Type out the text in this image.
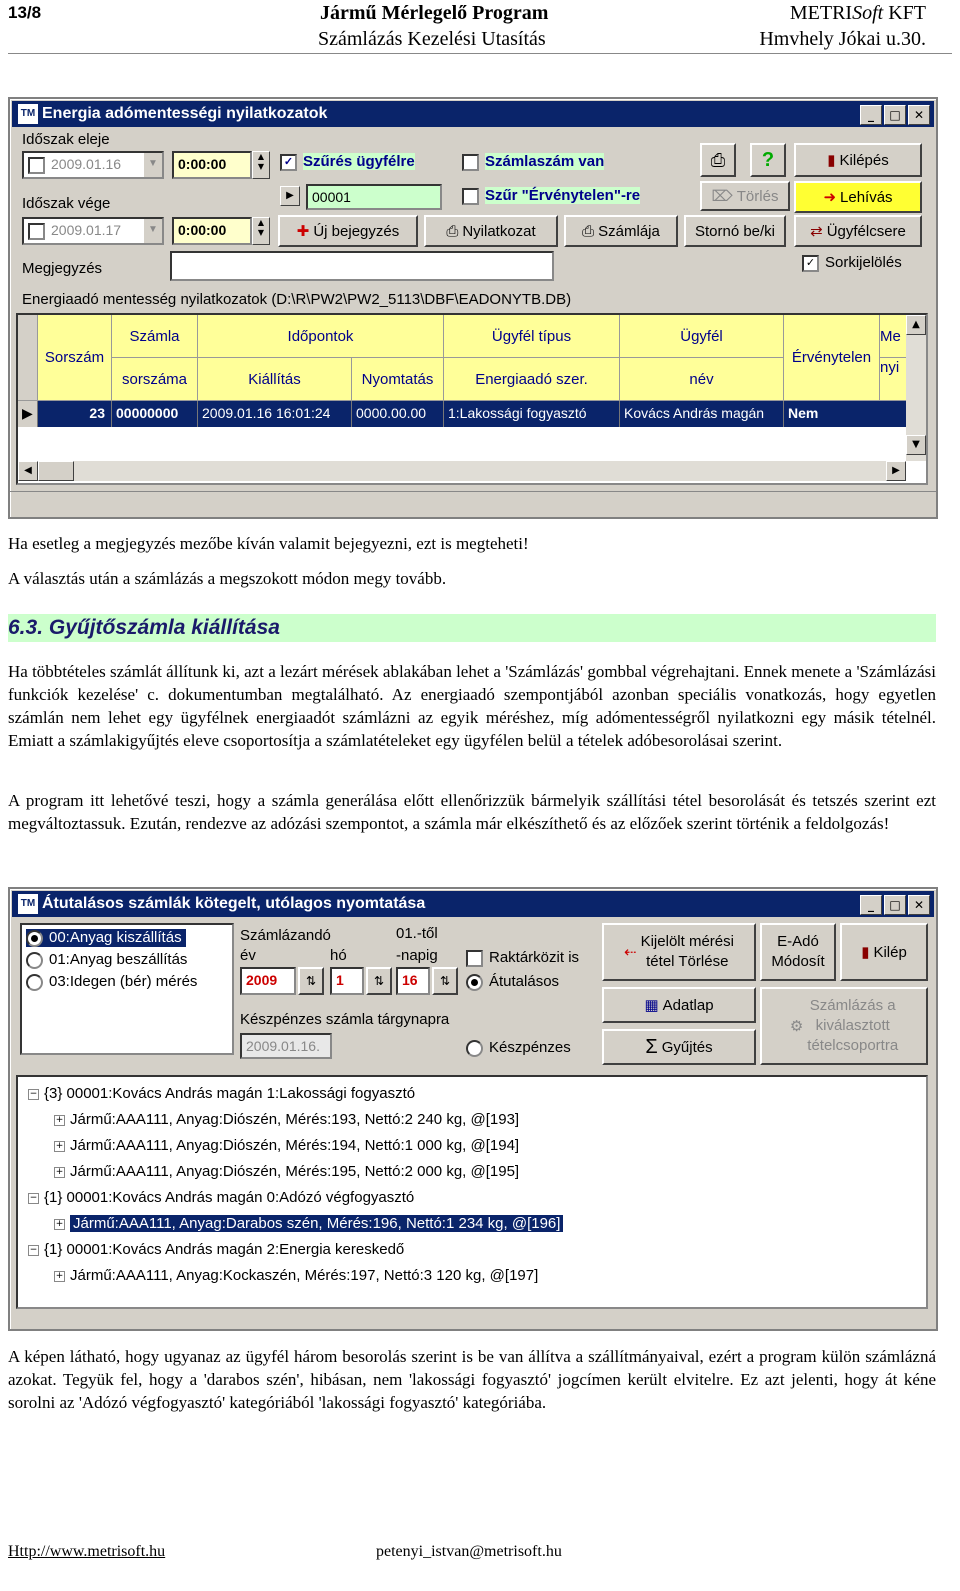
13/8	Jármű Mérlegelő Program
Számlázás Kezelési Utasítás
METRISoft KFT
Hmvhely Jókai u.30.
TM Energia adómentességi nyilatkozatok	_	□	✕
Időszak eleje
2009.01.16	▼	0:00:00	▲
▼	✓ Szűrés ügyfélre	Számlaszám van
Időszak vége	▶	00001	Szűr "Érvénytelen"-re
2009.01.17	▼	0:00:00	▲
▼	✚ Új bejegyzés	⎙ Nyilatkozat	⎙ Számlája	Stornó be/ki
⎙	?
⌦ Törlés
▮ Kilépés
➜ Lehívás
⇄ Ügyfélcsere
✓ Sorkijelölés
Megjegyzés
Energiaadó mentesség nyilatkozatok (D:\R\PW2\PW2_5113\DBF\EADONYTB.DB)
Sorszám
Számla
sorszáma
Időpontok
Kiállítás	Nyomtatás
Ügyfél típus
Energiaadó szer.
Ügyfél
név
Érvénytelen
Me
nyi
▶	23 00000000	2009.01.16 16:01:24	0000.00.00	1:Lakossági fogyasztó	Kovács András magán	Nem
▲
▼
◀	▶
Ha esetleg a megjegyzés mezőbe kíván valamit bejegyezni, ezt is megteheti!
A választás után a számlázás a megszokott módon megy tovább.
6.3. Gyűjtőszámla kiállítása
Ha többtételes számlát állítunk ki, azt a lezárt mérések ablakában lehet a 'Számlázás' gombbal végrehajtani. Ennek menete a 'Számlázási funkciók kezelése' c. dokumentumban megtalálható. Az energiaadó szempontjából azonban speciális vonatkozás, hogy egyetlen számlán nem lehet egy ügyfélnek energiaadót számlázni az egyik méréshez, míg adómentességről nyilatkozni egy másik tételnél. Emiatt a számlakigyűjtés eleve csoportosítja a számlatételeket egy ügyfélen belül a tételek adóbesorolásai szerint.
A program itt lehetővé teszi, hogy a számla generálása előtt ellenőrizzük bármelyik szállítási tétel besorolását és tetszés szerint ezt megváltoztassuk. Ezután, rendezve az adózási szempontot, a számla már elkészíthető és az előzőek szerint történik a feldolgozás!
TM Átutalásos számlák kötegelt, utólagos nyomtatása	_	□	✕
00:Anyag kiszállítás
01:Anyag beszállítás
03:Idegen (bér) mérés
Számlázandó
év	hó
01.-től
-napig
2009	⇅	1	⇅	16	⇅
Raktárközit is
Átutalásos
Készpénzes számla tárgynapra
2009.01.16.	Készpénzes
⇠
Kijelölt mérési
tétel Törlése
E-Adó
Módosít
▮ Kilép
▦ Adatlap
Σ Gyűjtés
⚙
Számlázás a
kiválasztott
tételcsoportra
− {3} 00001:Kovács András magán 1:Lakossági fogyasztó
+ Jármű:AAA111, Anyag:Diószén, Mérés:193, Nettó:2 240 kg, @[193]
+ Jármű:AAA111, Anyag:Diószén, Mérés:194, Nettó:1 000 kg, @[194]
+ Jármű:AAA111, Anyag:Diószén, Mérés:195, Nettó:2 000 kg, @[195]
− {1} 00001:Kovács András magán 0:Adózó végfogyasztó
+ Jármű:AAA111, Anyag:Darabos szén, Mérés:196, Nettó:1 234 kg, @[196]
− {1} 00001:Kovács András magán 2:Energia kereskedő
+ Jármű:AAA111, Anyag:Kockaszén, Mérés:197, Nettó:3 120 kg, @[197]
A képen látható, hogy ugyanaz az ügyfél három besorolás szerint is be van állítva a szállítmányaival, ezért a program külön számlázná azokat. Tegyük fel, hogy a 'darabos szén', hibásan, nem 'lakossági fogyasztó' jogcímen került elvitelre. Ez azt jelenti, hogy át kéne sorolni az 'Adózó végfogyasztó' kategóriából 'lakossági fogyasztó' kategóriába.
Http://www.metrisoft.hu	petenyi_istvan@metrisoft.hu
